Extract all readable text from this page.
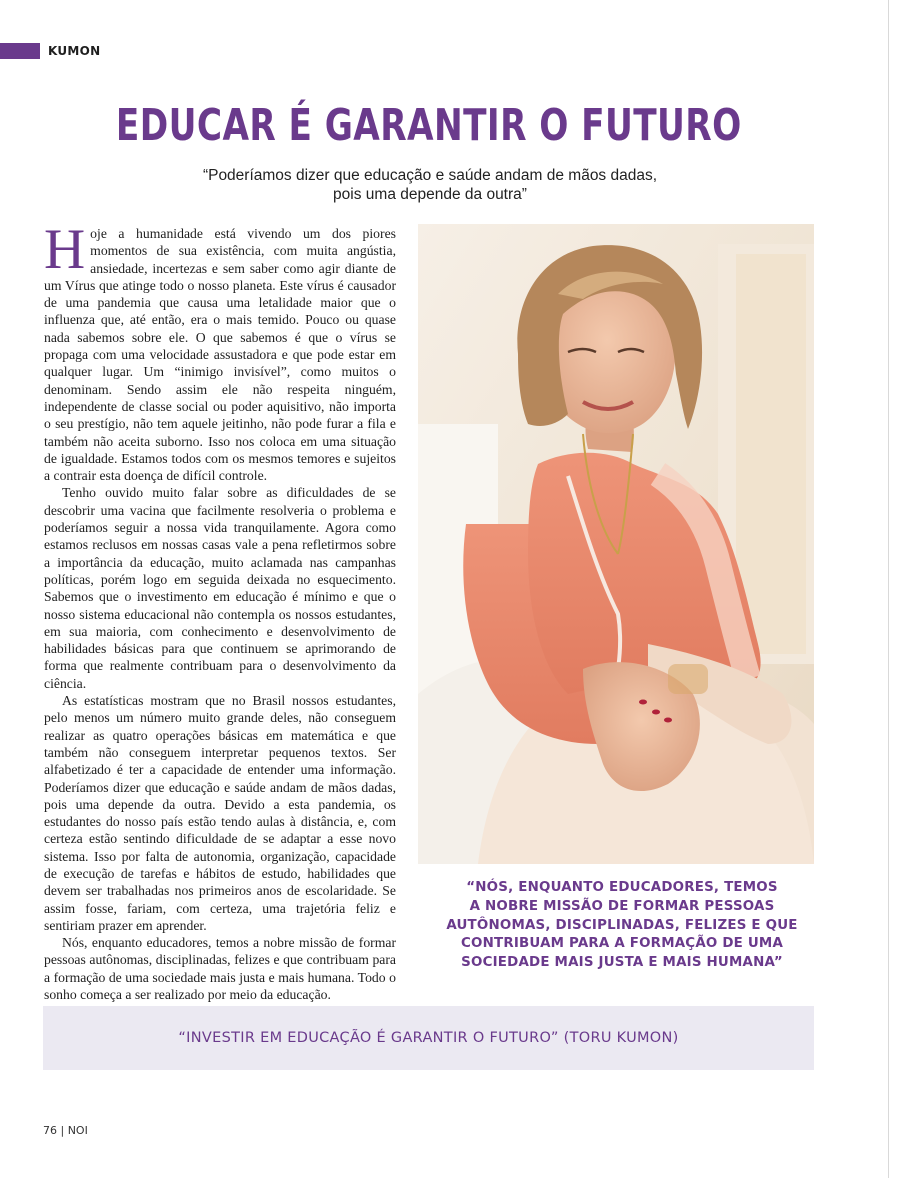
KUMON
EDUCAR É GARANTIR O FUTURO
“Poderíamos dizer que educação e saúde andam de mãos dadas,
pois uma depende da outra”

Hoje a humanidade está vivendo um dos piores momentos de sua existência, com muita angústia, ansiedade, incertezas e sem saber como agir diante de um Vírus que atinge todo o nosso planeta. Este vírus é causador de uma pandemia que causa uma letalidade maior que o influenza que, até então, era o mais temido. Pouco ou quase nada sabemos sobre ele. O que sabemos é que o vírus se propaga com uma velocidade assustadora e que pode estar em qualquer lugar. Um “inimigo invisível”, como muitos o denominam. Sendo assim ele não respeita ninguém, independente de classe social ou poder aquisitivo, não importa o seu prestígio, não tem aquele jeitinho, não pode furar a fila e também não aceita suborno. Isso nos coloca em uma situação de igualdade. Estamos todos com os mesmos temores e sujeitos a contrair esta doença de difícil controle.

Tenho ouvido muito falar sobre as dificuldades de se descobrir uma vacina que facilmente resolveria o problema e poderíamos seguir a nossa vida tranquilamente. Agora como estamos reclusos em nossas casas vale a pena refletirmos sobre a importância da educação, muito aclamada nas campanhas políticas, porém logo em seguida deixada no esquecimento. Sabemos que o investimento em educação é mínimo e que o nosso sistema educacional não contempla os nossos estudantes, em sua maioria, com conhecimento e desenvolvimento de habilidades básicas para que continuem se aprimorando de forma que realmente contribuam para o desenvolvimento da ciência.

As estatísticas mostram que no Brasil nossos estudantes, pelo menos um número muito grande deles, não conseguem realizar as quatro operações básicas em matemática e que também não conseguem interpretar pequenos textos. Ser alfabetizado é ter a capacidade de entender uma informação. Poderíamos dizer que educação e saúde andam de mãos dadas, pois uma depende da outra. Devido a esta pandemia, os estudantes do nosso país estão tendo aulas à distância, e, com certeza estão sentindo dificuldade de se adaptar a esse novo sistema. Isso por falta de autonomia, organização, capacidade de execução de tarefas e hábitos de estudo, habilidades que devem ser trabalhadas nos primeiros anos de escolaridade. Se assim fosse, fariam, com certeza, uma trajetória feliz e sentiriam prazer em aprender.

Nós, enquanto educadores, temos a nobre missão de formar pessoas autônomas, disciplinadas, felizes e que contribuam para a formação de uma sociedade mais justa e mais humana. Todo o sonho começa a ser realizado por meio da educação.

“NÓS, ENQUANTO EDUCADORES, TEMOS
A NOBRE MISSÃO DE FORMAR PESSOAS
AUTÔNOMAS, DISCIPLINADAS, FELIZES E QUE
CONTRIBUAM PARA A FORMAÇÃO DE UMA
SOCIEDADE MAIS JUSTA E MAIS HUMANA”
“INVESTIR EM EDUCAÇÃO É GARANTIR O FUTURO” (TORU KUMON)
76 | NOI
